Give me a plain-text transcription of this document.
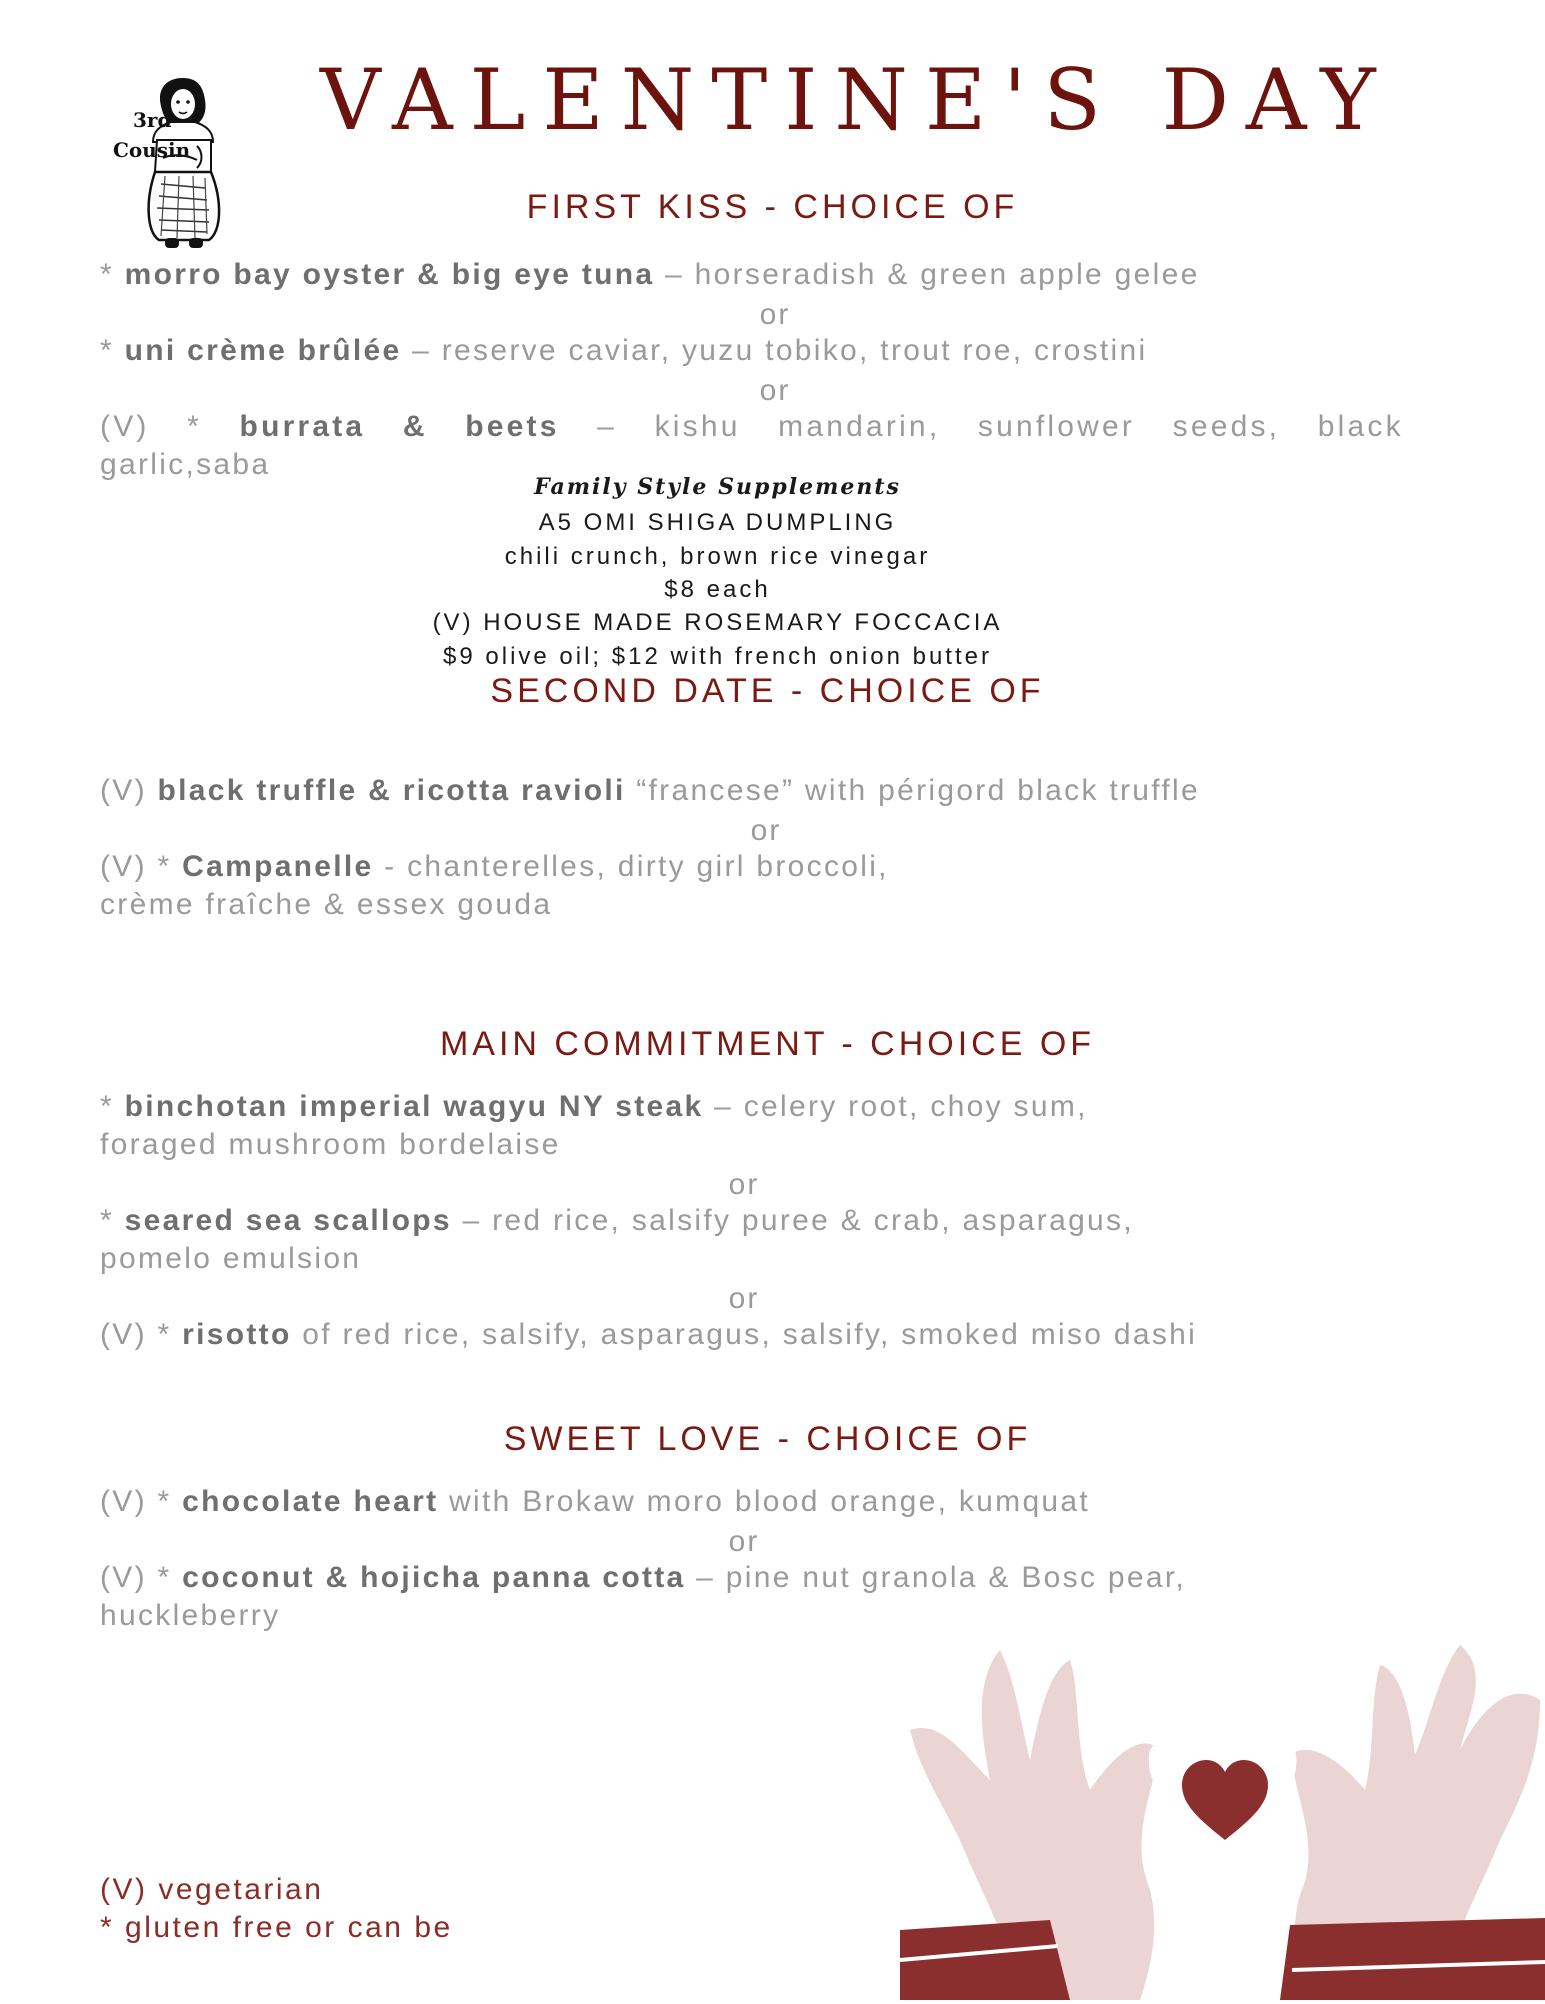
VALENTINE'S DAY
3rd
Cousin
FIRST KISS - CHOICE OF
* morro bay oyster & big eye tuna – horseradish & green apple gelee
or
* uni crème brûlée – reserve caviar, yuzu tobiko, trout roe, crostini
or
(V) * burrata & beets – kishu mandarin, sunflower seeds, black
garlic,saba
Family Style Supplements
A5 OMI SHIGA DUMPLING
chili crunch, brown rice vinegar
$8 each
(V) HOUSE MADE ROSEMARY FOCCACIA
$9 olive oil; $12 with french onion butter
SECOND DATE - CHOICE OF
(V) black truffle & ricotta ravioli “francese” with périgord black truffle
or
(V) * Campanelle - chanterelles, dirty girl broccoli,
crème fraîche & essex gouda
MAIN COMMITMENT - CHOICE OF
* binchotan imperial wagyu NY steak – celery root, choy sum,
foraged mushroom bordelaise
or
* seared sea scallops – red rice, salsify puree & crab, asparagus,
pomelo emulsion
or
(V) * risotto of red rice, salsify, asparagus, salsify, smoked miso dashi
SWEET LOVE - CHOICE OF
(V) * chocolate heart with Brokaw moro blood orange, kumquat
or
(V) * coconut & hojicha panna cotta – pine nut granola & Bosc pear,
huckleberry
(V) vegetarian
* gluten free or can be
